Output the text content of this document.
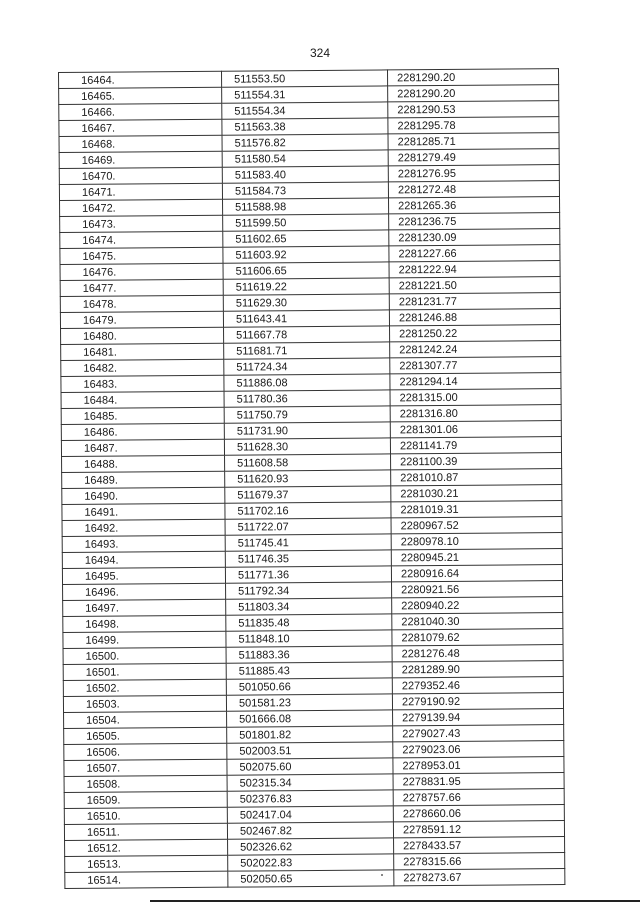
324
16464.	511553.50	2281290.20
16465.	511554.31	2281290.20
16466.	511554.34	2281290.53
16467.	511563.38	2281295.78
16468.	511576.82	2281285.71
16469.	511580.54	2281279.49
16470.	511583.40	2281276.95
16471.	511584.73	2281272.48
16472.	511588.98	2281265.36
16473.	511599.50	2281236.75
16474.	511602.65	2281230.09
16475.	511603.92	2281227.66
16476.	511606.65	2281222.94
16477.	511619.22	2281221.50
16478.	511629.30	2281231.77
16479.	511643.41	2281246.88
16480.	511667.78	2281250.22
16481.	511681.71	2281242.24
16482.	511724.34	2281307.77
16483.	511886.08	2281294.14
16484.	511780.36	2281315.00
16485.	511750.79	2281316.80
16486.	511731.90	2281301.06
16487.	511628.30	2281141.79
16488.	511608.58	2281100.39
16489.	511620.93	2281010.87
16490.	511679.37	2281030.21
16491.	511702.16	2281019.31
16492.	511722.07	2280967.52
16493.	511745.41	2280978.10
16494.	511746.35	2280945.21
16495.	511771.36	2280916.64
16496.	511792.34	2280921.56
16497.	511803.34	2280940.22
16498.	511835.48	2281040.30
16499.	511848.10	2281079.62
16500.	511883.36	2281276.48
16501.	511885.43	2281289.90
16502.	501050.66	2279352.46
16503.	501581.23	2279190.92
16504.	501666.08	2279139.94
16505.	501801.82	2279027.43
16506.	502003.51	2279023.06
16507.	502075.60	2278953.01
16508.	502315.34	2278831.95
16509.	502376.83	2278757.66
16510.	502417.04	2278660.06
16511.	502467.82	2278591.12
16512.	502326.62	2278433.57
16513.	502022.83	2278315.66
16514.	502050.65	2278273.67
